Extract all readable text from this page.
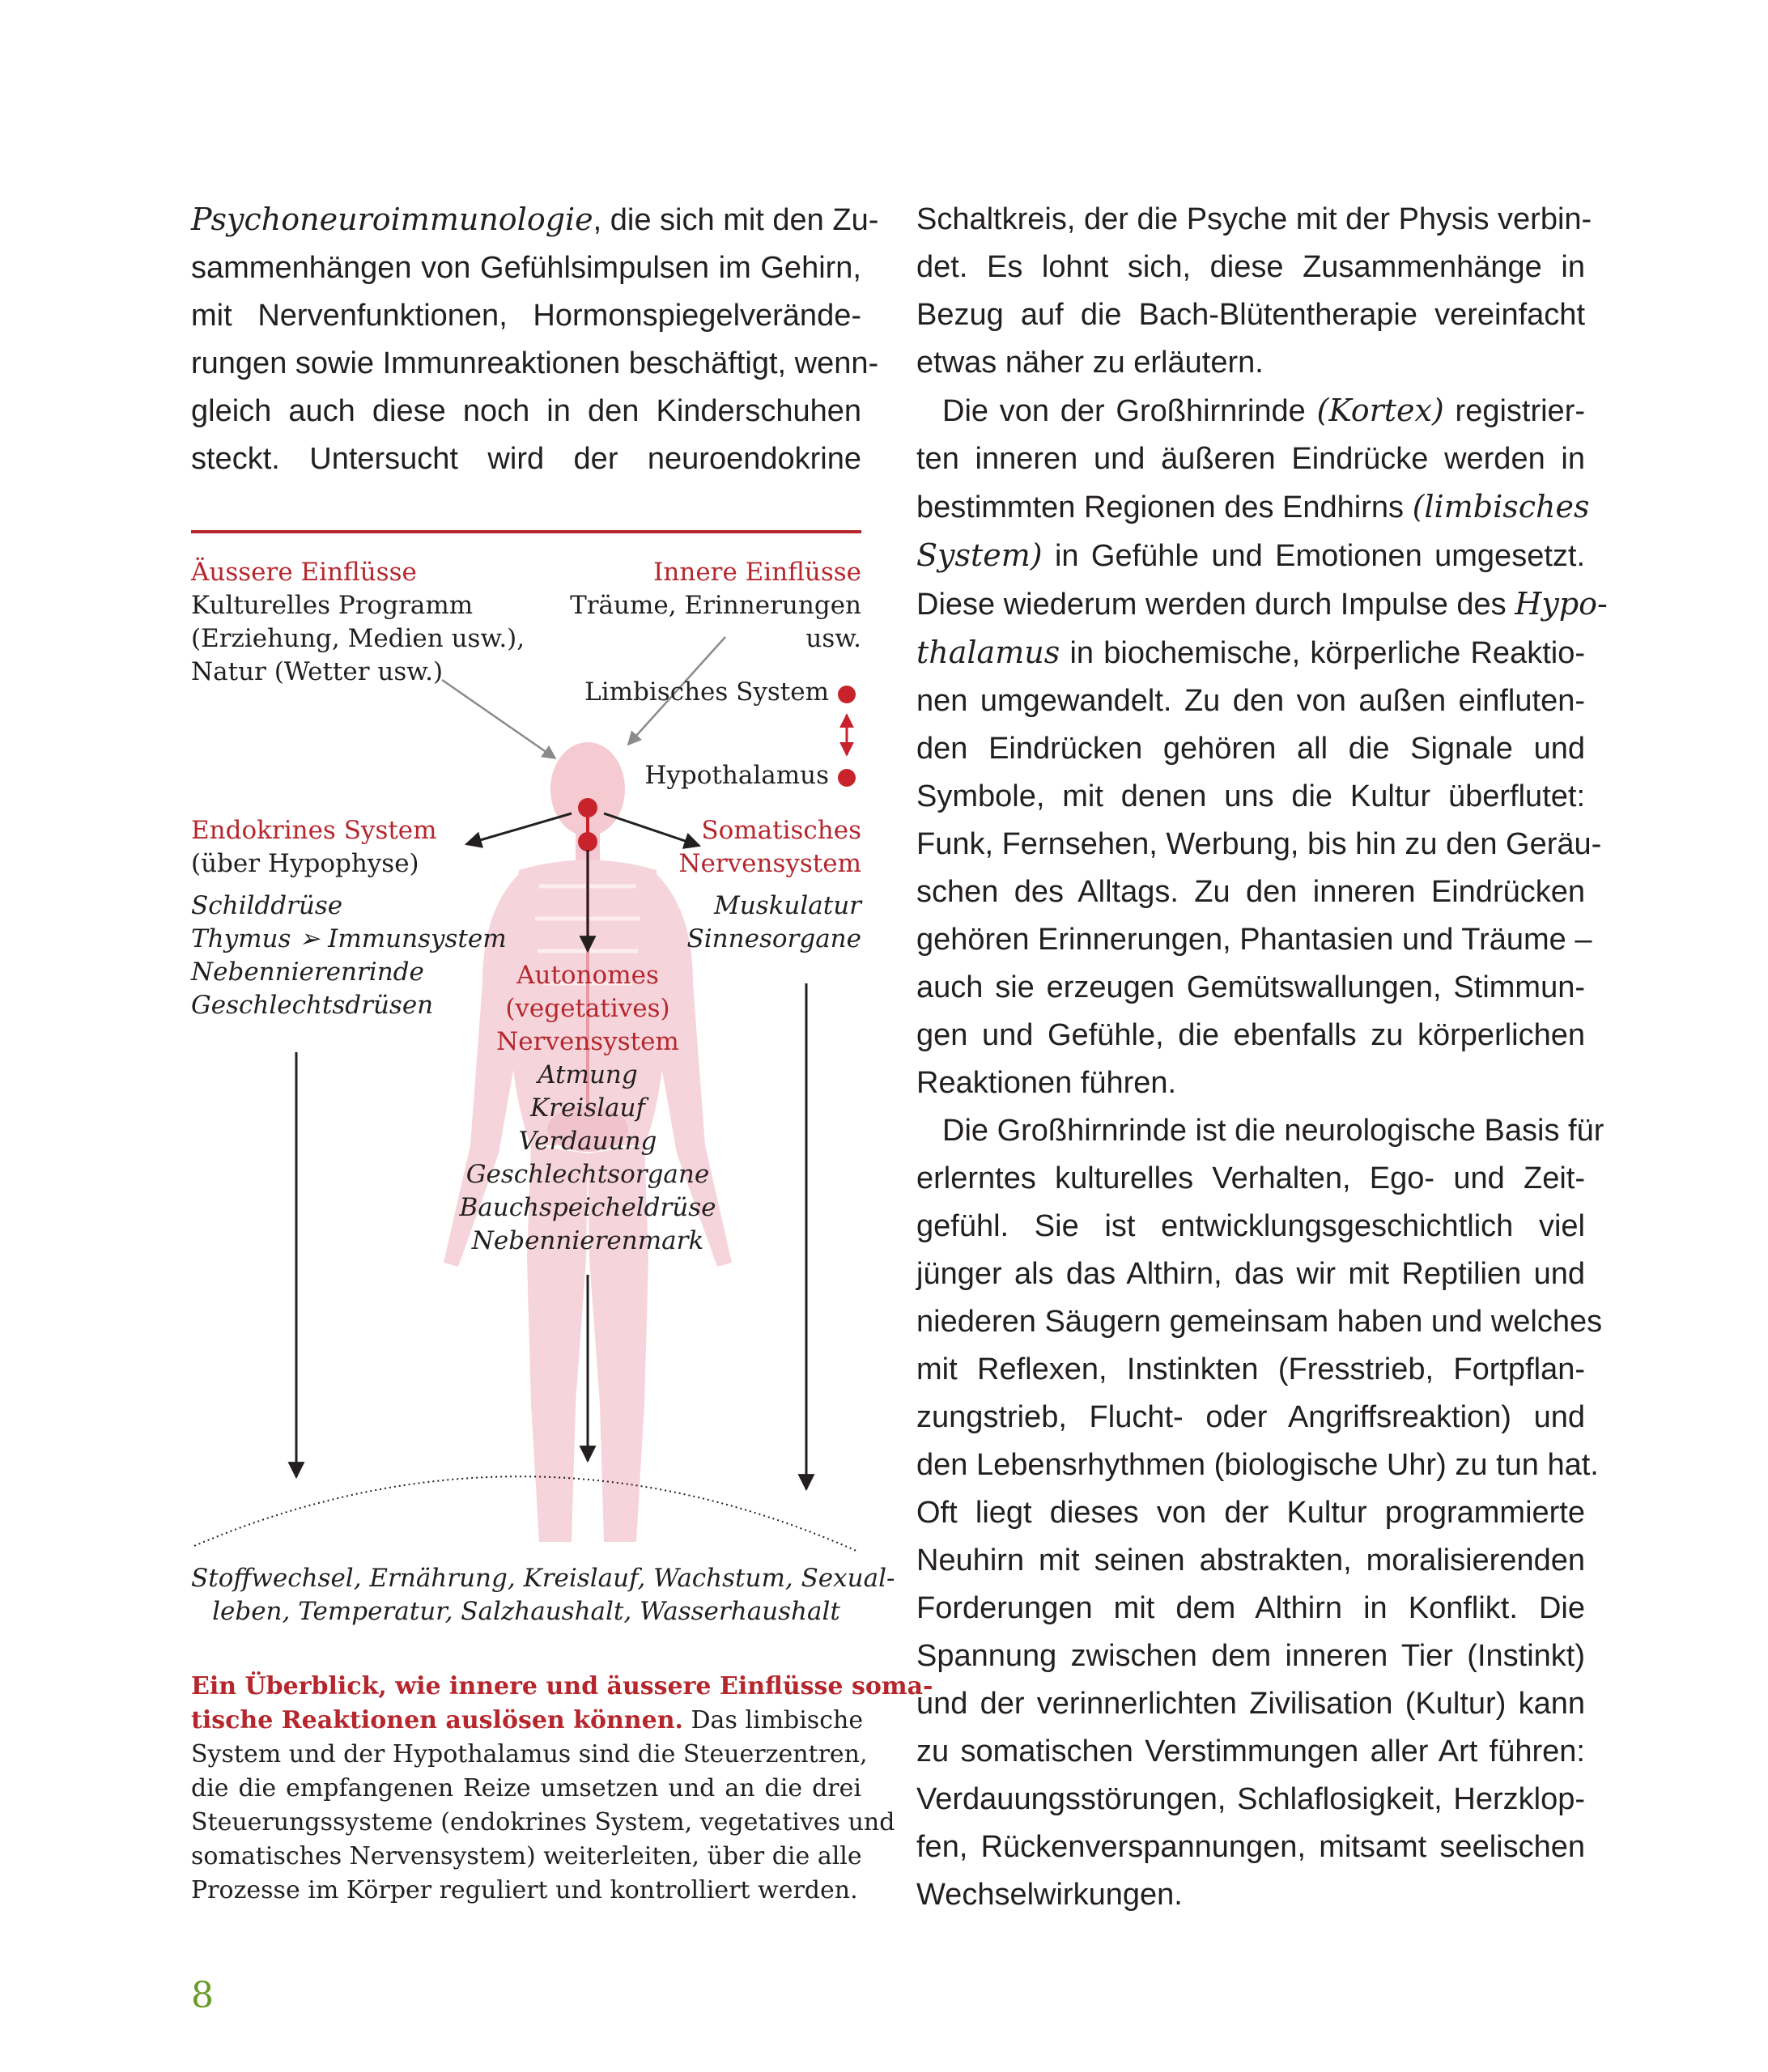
Psychoneuroimmunologie, die sich mit den Zu-
sammenhängen von Gefühlsimpulsen im Gehirn,
mit Nervenfunktionen, Hormonspiegelverände-
rungen sowie Immunreaktionen beschäftigt, wenn-
gleich auch diese noch in den Kinderschuhen
steckt. Untersucht wird der neuroendokrine
Äussere Einflüsse
Kulturelles Programm
(Erziehung, Medien usw.),
Natur (Wetter usw.)
Innere Einflüsse
Träume, Erinnerungen
usw.
Limbisches System
Hypothalamus
Endokrines System
(über Hypophyse)
Schilddrüse
Thymus ➢ Immunsystem
Nebennierenrinde
Geschlechtsdrüsen
Somatisches
Nervensystem
Muskulatur
Sinnesorgane
Autonomes
(vegetatives)
Nervensystem
Atmung
Kreislauf
Verdauung
Geschlechtsorgane
Bauchspeicheldrüse
Nebennierenmark
Stoffwechsel, Ernährung, Kreislauf, Wachstum, Sexual-
leben, Temperatur, Salzhaushalt, Wasserhaushalt
Ein Überblick, wie innere und äussere Einflüsse soma-
tische Reaktionen auslösen können. Das limbische
System und der Hypothalamus sind die Steuerzentren,
die die empfangenen Reize umsetzen und an die drei
Steuerungssysteme (endokrines System, vegetatives und
somatisches Nervensystem) weiterleiten, über die alle
Prozesse im Körper reguliert und kontrolliert werden.
Schaltkreis, der die Psyche mit der Physis verbin-
det. Es lohnt sich, diese Zusammenhänge in
Bezug auf die Bach-Blütentherapie vereinfacht
etwas näher zu erläutern.
Die von der Großhirnrinde (Kortex) registrier-
ten inneren und äußeren Eindrücke werden in
bestimmten Regionen des Endhirns (limbisches
System) in Gefühle und Emotionen umgesetzt.
Diese wiederum werden durch Impulse des Hypo-
thalamus in biochemische, körperliche Reaktio-
nen umgewandelt. Zu den von außen einfluten-
den Eindrücken gehören all die Signale und
Symbole, mit denen uns die Kultur überflutet:
Funk, Fernsehen, Werbung, bis hin zu den Geräu-
schen des Alltags. Zu den inneren Eindrücken
gehören Erinnerungen, Phantasien und Träume –
auch sie erzeugen Gemütswallungen, Stimmun-
gen und Gefühle, die ebenfalls zu körperlichen
Reaktionen führen.
Die Großhirnrinde ist die neurologische Basis für
erlerntes kulturelles Verhalten, Ego- und Zeit-
gefühl. Sie ist entwicklungsgeschichtlich viel
jünger als das Althirn, das wir mit Reptilien und
niederen Säugern gemeinsam haben und welches
mit Reflexen, Instinkten (Fresstrieb, Fortpflan-
zungstrieb, Flucht- oder Angriffsreaktion) und
den Lebensrhythmen (biologische Uhr) zu tun hat.
Oft liegt dieses von der Kultur programmierte
Neuhirn mit seinen abstrakten, moralisierenden
Forderungen mit dem Althirn in Konflikt. Die
Spannung zwischen dem inneren Tier (Instinkt)
und der verinnerlichten Zivilisation (Kultur) kann
zu somatischen Verstimmungen aller Art führen:
Verdauungsstörungen, Schlaflosigkeit, Herzklop-
fen, Rückenverspannungen, mitsamt seelischen
Wechselwirkungen.
8
